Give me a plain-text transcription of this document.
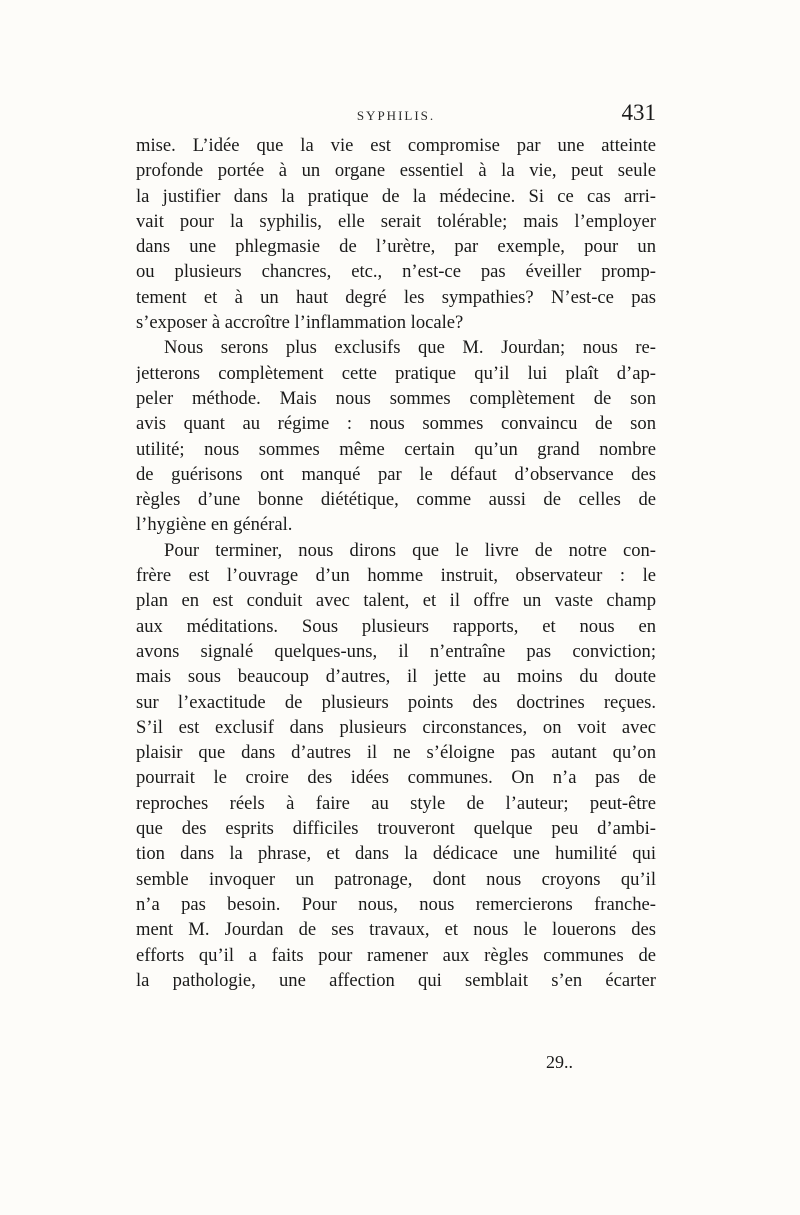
SYPHILIS.	431
mise. L’idée que la vie est compromise par une atteinte
profonde portée à un organe essentiel à la vie, peut seule
la justifier dans la pratique de la médecine. Si ce cas arri-
vait pour la syphilis, elle serait tolérable; mais l’employer
dans une phlegmasie de l’urètre, par exemple, pour un
ou plusieurs chancres, etc., n’est-ce pas éveiller promp-
tement et à un haut degré les sympathies? N’est-ce pas
s’exposer à accroître l’inflammation locale?
Nous serons plus exclusifs que M. Jourdan; nous re-
jetterons complètement cette pratique qu’il lui plaît d’ap-
peler méthode. Mais nous sommes complètement de son
avis quant au régime : nous sommes convaincu de son
utilité; nous sommes même certain qu’un grand nombre
de guérisons ont manqué par le défaut d’observance des
règles d’une bonne diététique, comme aussi de celles de
l’hygiène en général.
Pour terminer, nous dirons que le livre de notre con-
frère est l’ouvrage d’un homme instruit, observateur : le
plan en est conduit avec talent, et il offre un vaste champ
aux méditations. Sous plusieurs rapports, et nous en
avons signalé quelques-uns, il n’entraîne pas conviction;
mais sous beaucoup d’autres, il jette au moins du doute
sur l’exactitude de plusieurs points des doctrines reçues.
S’il est exclusif dans plusieurs circonstances, on voit avec
plaisir que dans d’autres il ne s’éloigne pas autant qu’on
pourrait le croire des idées communes. On n’a pas de
reproches réels à faire au style de l’auteur; peut-être
que des esprits difficiles trouveront quelque peu d’ambi-
tion dans la phrase, et dans la dédicace une humilité qui
semble invoquer un patronage, dont nous croyons qu’il
n’a pas besoin. Pour nous, nous remercierons franche-
ment M. Jourdan de ses travaux, et nous le louerons des
efforts qu’il a faits pour ramener aux règles communes de
la pathologie, une affection qui semblait s’en écarter
29..
